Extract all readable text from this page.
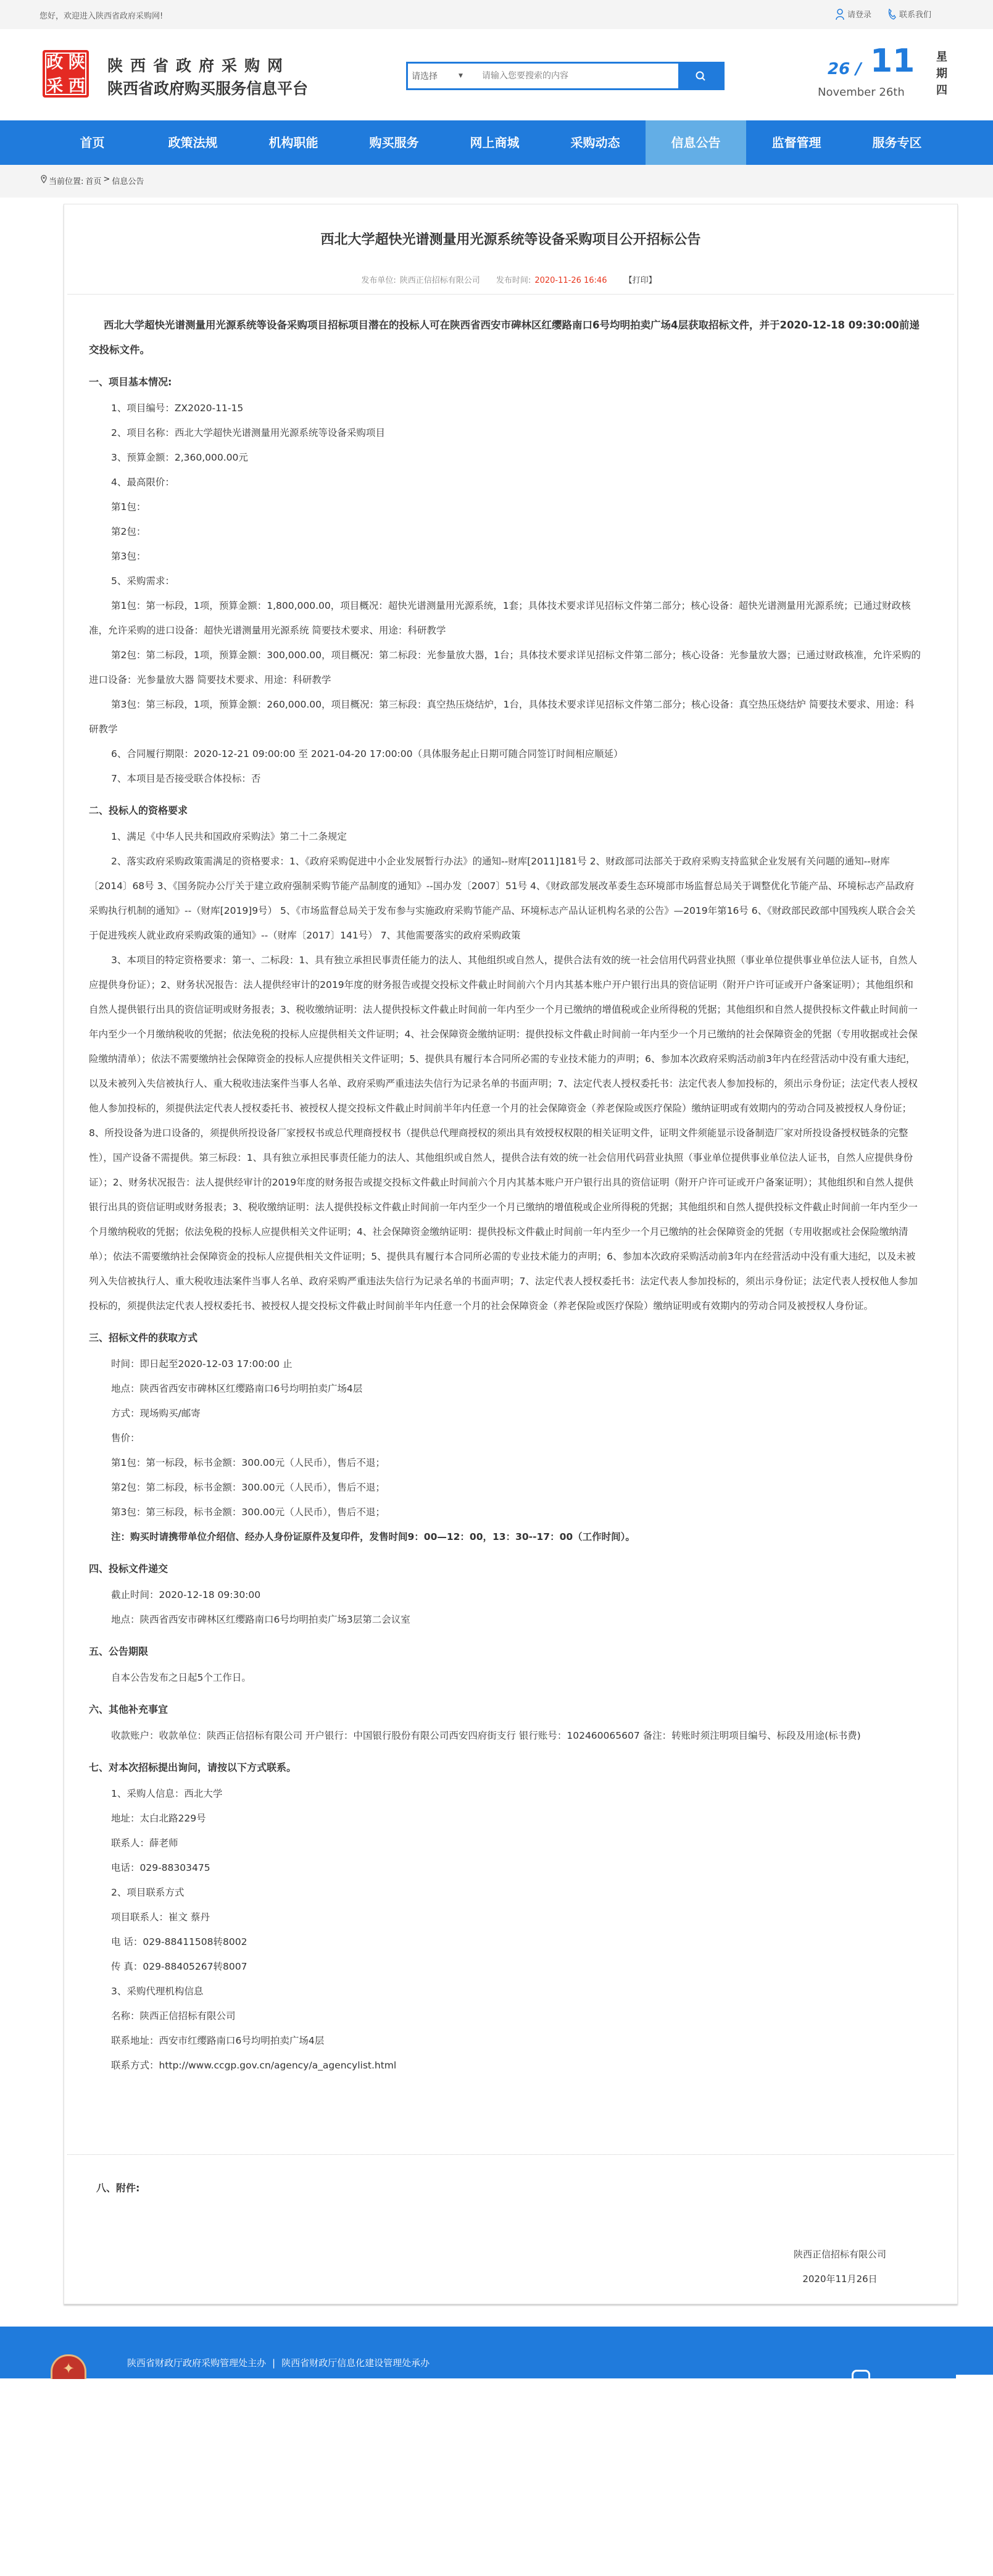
您好，欢迎进入陕西省政府采购网!	请登录	联系我们
政 陕
采 西
陕西省政府采购网
陕西省政府购买服务信息平台
请选择	▼
请输入您要搜索的内容	26 / 11
November 26th
星期四
首页	政策法规	机构职能	购买服务	网上商城	采购动态	信息公告	监督管理	服务专区
当前位置: 首页 > 信息公告
西北大学超快光谱测量用光源系统等设备采购项目公开招标公告
发布单位: 陕西正信招标有限公司 发布时间: 2020-11-26 16:46 【打印】

西北大学超快光谱测量用光源系统等设备采购项目招标项目潜在的投标人可在陕西省西安市碑林区红缨路南口6号均明拍卖广场4层获取招标文件，并于2020-12-18 09:30:00前递交投标文件。

一、项目基本情况:

1、项目编号：ZX2020-11-15

2、项目名称：西北大学超快光谱测量用光源系统等设备采购项目

3、预算金额：2,360,000.00元

4、最高限价：

第1包：

第2包：

第3包：

5、采购需求：

第1包：第一标段，1项，预算金额：1,800,000.00，项目概况：超快光谱测量用光源系统，1套；具体技术要求详见招标文件第二部分；核心设备：超快光谱测量用光源系统；已通过财政核准，允许采购的进口设备：超快光谱测量用光源系统 简要技术要求、用途：科研教学

第2包：第二标段，1项，预算金额：300,000.00，项目概况：第二标段：光参量放大器，1台；具体技术要求详见招标文件第二部分；核心设备：光参量放大器；已通过财政核准，允许采购的进口设备：光参量放大器 简要技术要求、用途：科研教学

第3包：第三标段，1项，预算金额：260,000.00，项目概况：第三标段：真空热压烧结炉，1台，具体技术要求详见招标文件第二部分；核心设备：真空热压烧结炉 简要技术要求、用途：科研教学

6、合同履行期限：2020-12-21 09:00:00 至 2021-04-20 17:00:00（具体服务起止日期可随合同签订时间相应顺延）

7、本项目是否接受联合体投标：否

二、投标人的资格要求

1、满足《中华人民共和国政府采购法》第二十二条规定

2、落实政府采购政策需满足的资格要求：1、《政府采购促进中小企业发展暂行办法》的通知--财库[2011]181号 2、财政部司法部关于政府采购支持监狱企业发展有关问题的通知--财库〔2014〕68号 3、《国务院办公厅关于建立政府强制采购节能产品制度的通知》--国办发〔2007〕51号 4、《财政部发展改革委生态环境部市场监督总局关于调整优化节能产品、环境标志产品政府采购执行机制的通知》--（财库[2019]9号） 5、《市场监督总局关于发布参与实施政府采购节能产品、环境标志产品认证机构名录的公告》—2019年第16号 6、《财政部民政部中国残疾人联合会关于促进残疾人就业政府采购政策的通知》--（财库〔2017〕141号） 7、其他需要落实的政府采购政策

3、本项目的特定资格要求：第一、二标段：1、具有独立承担民事责任能力的法人、其他组织或自然人，提供合法有效的统一社会信用代码营业执照（事业单位提供事业单位法人证书，自然人应提供身份证）；2、财务状况报告：法人提供经审计的2019年度的财务报告或提交投标文件截止时间前六个月内其基本账户开户银行出具的资信证明（附开户许可证或开户备案证明）；其他组织和自然人提供银行出具的资信证明或财务报表；3、税收缴纳证明：法人提供投标文件截止时间前一年内至少一个月已缴纳的增值税或企业所得税的凭据；其他组织和自然人提供投标文件截止时间前一年内至少一个月缴纳税收的凭据；依法免税的投标人应提供相关文件证明；4、社会保障资金缴纳证明：提供投标文件截止时间前一年内至少一个月已缴纳的社会保障资金的凭据（专用收据或社会保险缴纳清单）；依法不需要缴纳社会保障资金的投标人应提供相关文件证明；5、提供具有履行本合同所必需的专业技术能力的声明；6、参加本次政府采购活动前3年内在经营活动中没有重大违纪，以及未被列入失信被执行人、重大税收违法案件当事人名单、政府采购严重违法失信行为记录名单的书面声明；7、法定代表人授权委托书：法定代表人参加投标的，须出示身份证；法定代表人授权他人参加投标的，须提供法定代表人授权委托书、被授权人提交投标文件截止时间前半年内任意一个月的社会保障资金（养老保险或医疗保险）缴纳证明或有效期内的劳动合同及被授权人身份证；8、所投设备为进口设备的，须提供所投设备厂家授权书或总代理商授权书（提供总代理商授权的须出具有效授权权限的相关证明文件，证明文件须能显示设备制造厂家对所投设备授权链条的完整性），国产设备不需提供。第三标段：1、具有独立承担民事责任能力的法人、其他组织或自然人，提供合法有效的统一社会信用代码营业执照（事业单位提供事业单位法人证书，自然人应提供身份证）；2、财务状况报告：法人提供经审计的2019年度的财务报告或提交投标文件截止时间前六个月内其基本账户开户银行出具的资信证明（附开户许可证或开户备案证明）；其他组织和自然人提供银行出具的资信证明或财务报表；3、税收缴纳证明：法人提供投标文件截止时间前一年内至少一个月已缴纳的增值税或企业所得税的凭据；其他组织和自然人提供投标文件截止时间前一年内至少一个月缴纳税收的凭据；依法免税的投标人应提供相关文件证明；4、社会保障资金缴纳证明：提供投标文件截止时间前一年内至少一个月已缴纳的社会保障资金的凭据（专用收据或社会保险缴纳清单）；依法不需要缴纳社会保障资金的投标人应提供相关文件证明；5、提供具有履行本合同所必需的专业技术能力的声明；6、参加本次政府采购活动前3年内在经营活动中没有重大违纪，以及未被列入失信被执行人、重大税收违法案件当事人名单、政府采购严重违法失信行为记录名单的书面声明；7、法定代表人授权委托书：法定代表人参加投标的，须出示身份证；法定代表人授权他人参加投标的，须提供法定代表人授权委托书、被授权人提交投标文件截止时间前半年内任意一个月的社会保障资金（养老保险或医疗保险）缴纳证明或有效期内的劳动合同及被授权人身份证。

三、招标文件的获取方式

时间：即日起至2020-12-03 17:00:00 止

地点：陕西省西安市碑林区红缨路南口6号均明拍卖广场4层

方式：现场购买/邮寄

售价：

第1包：第一标段，标书金额：300.00元（人民币），售后不退；

第2包：第二标段，标书金额：300.00元（人民币），售后不退；

第3包：第三标段，标书金额：300.00元（人民币），售后不退；

注：购买时请携带单位介绍信、经办人身份证原件及复印件，发售时间9：00—12：00，13：30--17：00（工作时间）。

四、投标文件递交

截止时间：2020-12-18 09:30:00

地点：陕西省西安市碑林区红缨路南口6号均明拍卖广场3层第二会议室

五、公告期限

自本公告发布之日起5个工作日。

六、其他补充事宜

收款账户：收款单位：陕西正信招标有限公司 开户银行：中国银行股份有限公司西安四府街支行 银行账号：102460065607 备注：转账时须注明项目编号、标段及用途(标书费)

七、对本次招标提出询问，请按以下方式联系。

1、采购人信息：西北大学

地址：太白北路229号

联系人：薛老师

电话：029-88303475

2、项目联系方式

项目联系人：崔文 蔡丹

电 话：029-88411508转8002

传 真：029-88405267转8007

3、采购代理机构信息

名称：陕西正信招标有限公司

联系地址：西安市红缨路南口6号均明拍卖广场4层

联系方式：http://www.ccgp.gov.cn/agency/a_agencylist.html

八、附件:
陕西正信招标有限公司
2020年11月26日
✦	陕西省财政厅政府采购管理处主办 | 陕西省财政厅信息化建设管理处承办
